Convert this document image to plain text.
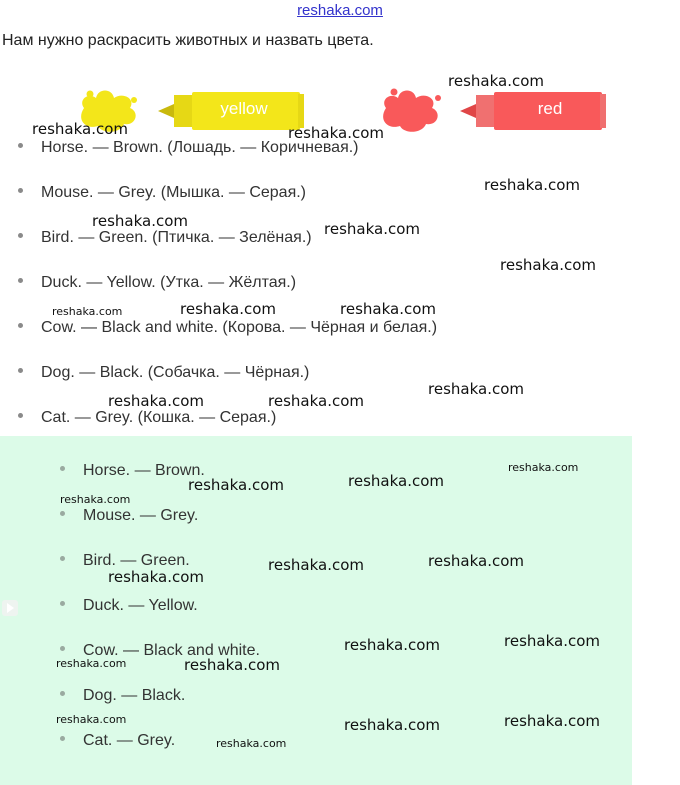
reshaka.com
Нам нужно раскрасить животных и назвать цвета.
yellow	red
Horse. — Brown. (Лошадь. — Коричневая.)
Mouse. — Grey. (Мышка. — Серая.)
Bird. — Green. (Птичка. — Зелёная.)
Duck. — Yellow. (Утка. — Жёлтая.)
Cow. — Black and white. (Корова. — Чёрная и белая.)
Dog. — Black. (Собачка. — Чёрная.)
Cat. — Grey. (Кошка. — Серая.)
Horse. — Brown.
Mouse. — Grey.
Bird. — Green.
Duck. — Yellow.
Cow. — Black and white.
Dog. — Black.
Cat. — Grey.
reshaka.com
reshaka.com	reshaka.com
reshaka.com
reshaka.com	reshaka.com
reshaka.com
reshaka.com	reshaka.com	reshaka.com
reshaka.com
reshaka.com	reshaka.com
reshaka.com
reshaka.com	reshaka.com
reshaka.com
reshaka.com
reshaka.com
reshaka.com
reshaka.com
reshaka.com
reshaka.com	reshaka.com
reshaka.com	reshaka.com
reshaka.com
reshaka.com
